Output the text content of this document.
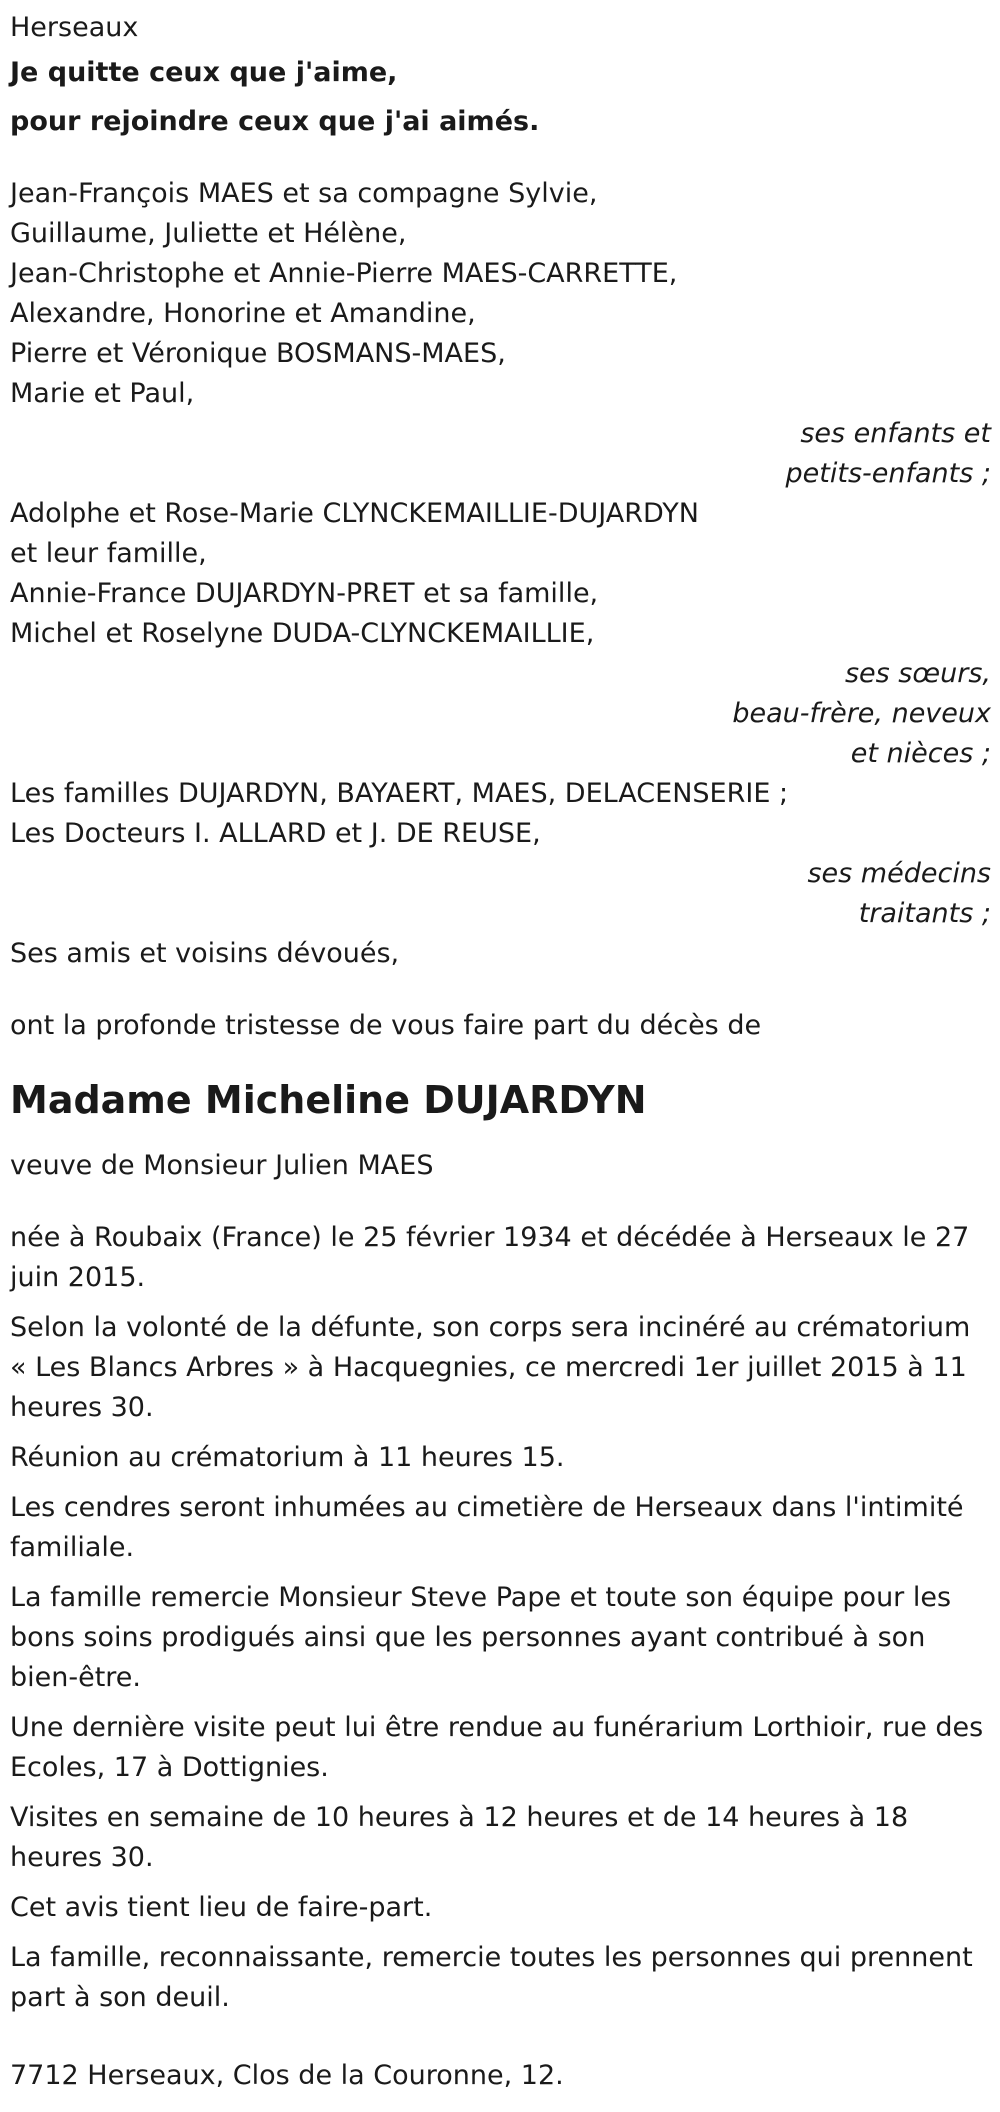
Herseaux
Je quitte ceux que j'aime,
pour rejoindre ceux que j'ai aimés.
Jean-François MAES et sa compagne Sylvie,
Guillaume, Juliette et Hélène,
Jean-Christophe et Annie-Pierre MAES-CARRETTE,
Alexandre, Honorine et Amandine,
Pierre et Véronique BOSMANS-MAES,
Marie et Paul,
ses enfants et
petits-enfants ;
Adolphe et Rose-Marie CLYNCKEMAILLIE-DUJARDYN
et leur famille,
Annie-France DUJARDYN-PRET et sa famille,
Michel et Roselyne DUDA-CLYNCKEMAILLIE,
ses sœurs,
beau-frère, neveux
et nièces ;
Les familles DUJARDYN, BAYAERT, MAES, DELACENSERIE ;
Les Docteurs I. ALLARD et J. DE REUSE,
ses médecins
traitants ;
Ses amis et voisins dévoués,
ont la profonde tristesse de vous faire part du décès de
Madame Micheline DUJARDYN
veuve de Monsieur Julien MAES
née à Roubaix (France) le 25 février 1934 et décédée à Herseaux le 27 juin 2015.
Selon la volonté de la défunte, son corps sera incinéré au crématorium « Les Blancs Arbres » à Hacquegnies, ce mercredi 1er juillet 2015 à 11 heures 30.
Réunion au crématorium à 11 heures 15.
Les cendres seront inhumées au cimetière de Herseaux dans l'intimité familiale.
La famille remercie Monsieur Steve Pape et toute son équipe pour les bons soins prodigués ainsi que les personnes ayant contribué à son bien-être.
Une dernière visite peut lui être rendue au funérarium Lorthioir, rue des Ecoles, 17 à Dottignies.
Visites en semaine de 10 heures à 12 heures et de 14 heures à 18 heures 30.
Cet avis tient lieu de faire-part.
La famille, reconnaissante, remercie toutes les personnes qui prennent part à son deuil.
7712 Herseaux, Clos de la Couronne, 12.
